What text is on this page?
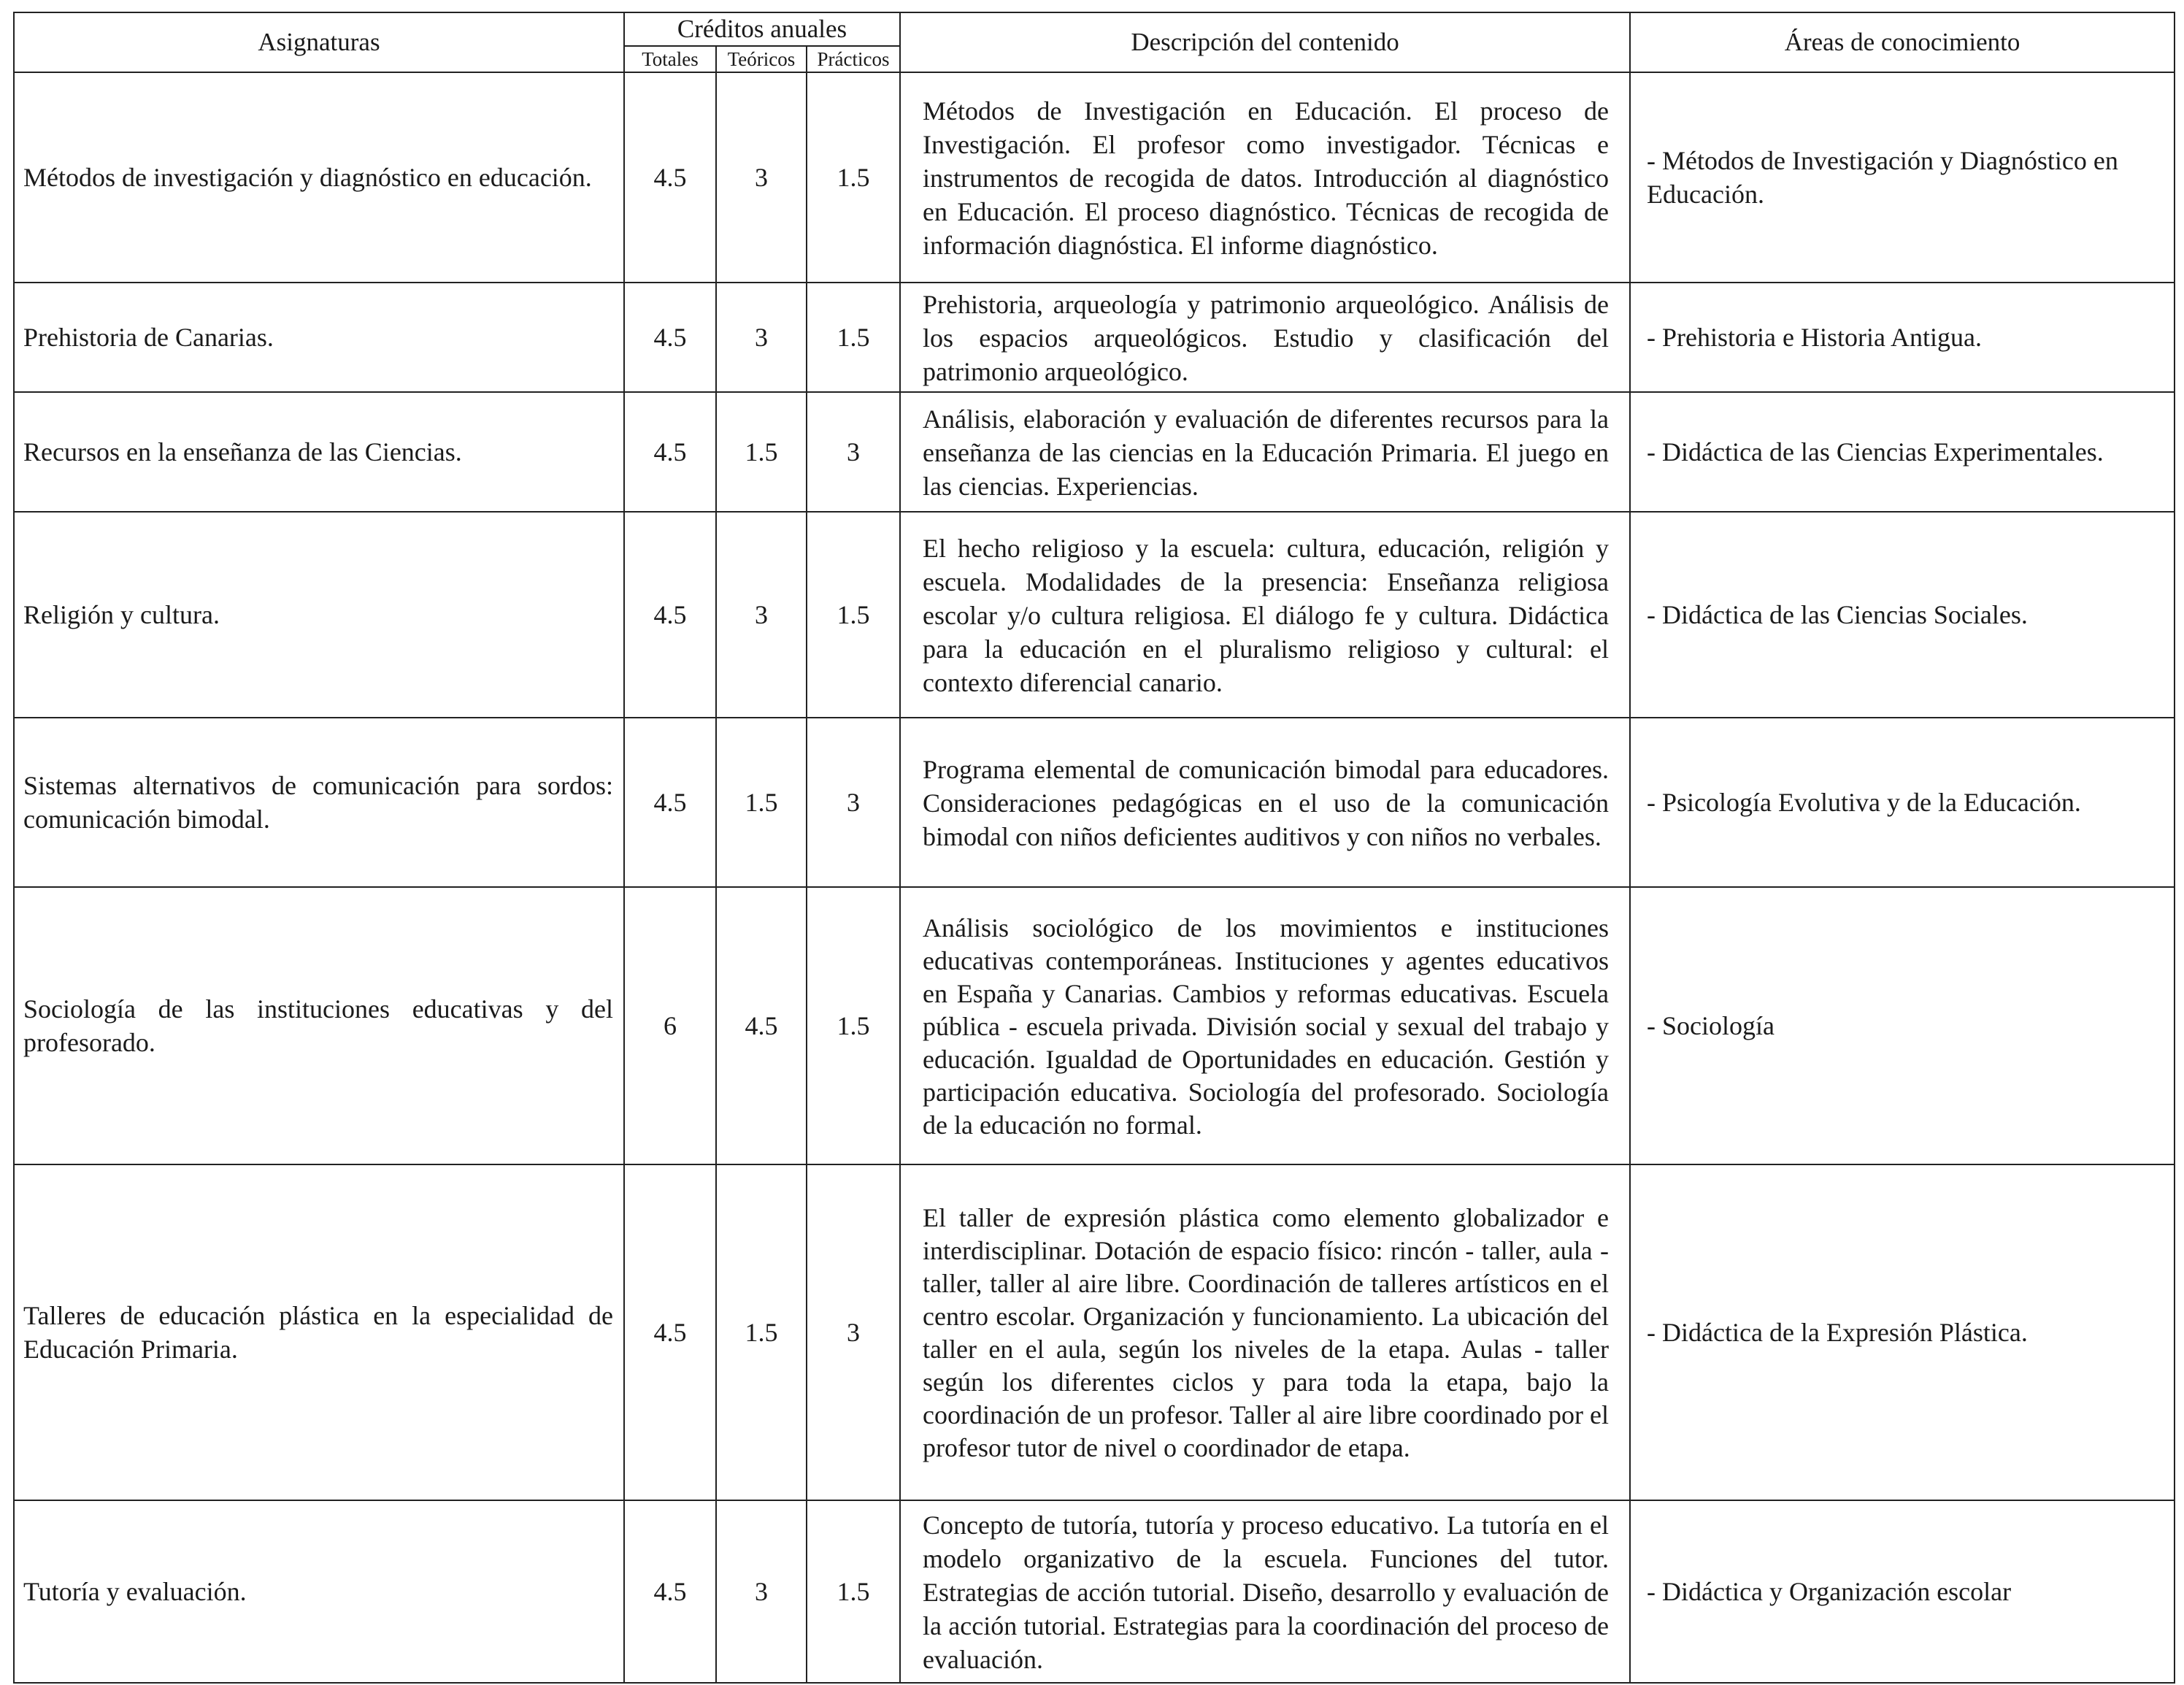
Asignaturas	Créditos anuales			Descripción del contenido	Áreas de conocimiento
	Totales	Teóricos	Prácticos		
Métodos de investigación y diagnóstico en educación.	4.5	3	1.5	Métodos de Investigación en Educación. El proceso de Investigación. El profesor como investigador. Técnicas e instrumentos de recogida de datos. Introducción al diagnóstico en Educación. El proceso diagnóstico. Técnicas de recogida de información diagnóstica. El informe diagnóstico.	- Métodos de Investigación y Diagnóstico en Educación.
Prehistoria de Canarias.	4.5	3	1.5	Prehistoria, arqueología y patrimonio arqueológico. Análisis de los espacios arqueológicos. Estudio y clasificación del patrimonio arqueológico.	- Prehistoria e Historia Antigua.
Recursos en la enseñanza de las Ciencias.	4.5	1.5	3	Análisis, elaboración y evaluación de diferentes recursos para la enseñanza de las ciencias en la Educación Primaria. El juego en las ciencias. Experiencias.	- Didáctica de las Ciencias Experimentales.
Religión y cultura.	4.5	3	1.5	El hecho religioso y la escuela: cultura, educación, religión y escuela. Modalidades de la presencia: Enseñanza religiosa escolar y/o cultura religiosa. El diálogo fe y cultura. Didáctica para la educación en el pluralismo religioso y cultural: el contexto diferencial canario.	- Didáctica de las Ciencias Sociales.
Sistemas alternativos de comunicación para sordos: comunicación bimodal.	4.5	1.5	3	Programa elemental de comunicación bimodal para educadores. Consideraciones pedagógicas en el uso de la comunicación bimodal con niños deficientes auditivos y con niños no verbales.	- Psicología Evolutiva y de la Educación.
Sociología de las instituciones educativas y del profesorado.	6	4.5	1.5	Análisis sociológico de los movimientos e instituciones educativas contemporáneas. Instituciones y agentes educativos en España y Canarias. Cambios y reformas educativas. Escuela pública - escuela privada. División social y sexual del trabajo y educación. Igualdad de Oportunidades en educación. Gestión y participación educativa. Sociología del profesorado. Sociología de la educación no formal.	- Sociología
Talleres de educación plástica en la especialidad de Educación Primaria.	4.5	1.5	3	El taller de expresión plástica como elemento globalizador e interdisciplinar. Dotación de espacio físico: rincón - taller, aula - taller, taller al aire libre. Coordinación de talleres artísticos en el centro escolar. Organización y funcionamiento. La ubicación del taller en el aula, según los niveles de la etapa. Aulas - taller según los diferentes ciclos y para toda la etapa, bajo la coordinación de un profesor. Taller al aire libre coordinado por el profesor tutor de nivel o coordinador de etapa.	- Didáctica de la Expresión Plástica.
Tutoría y evaluación.	4.5	3	1.5	Concepto de tutoría, tutoría y proceso educativo. La tutoría en el modelo organizativo de la escuela. Funciones del tutor. Estrategias de acción tutorial. Diseño, desarrollo y evaluación de la acción tutorial. Estrategias para la coordinación del proceso de evaluación.	- Didáctica y Organización escolar
